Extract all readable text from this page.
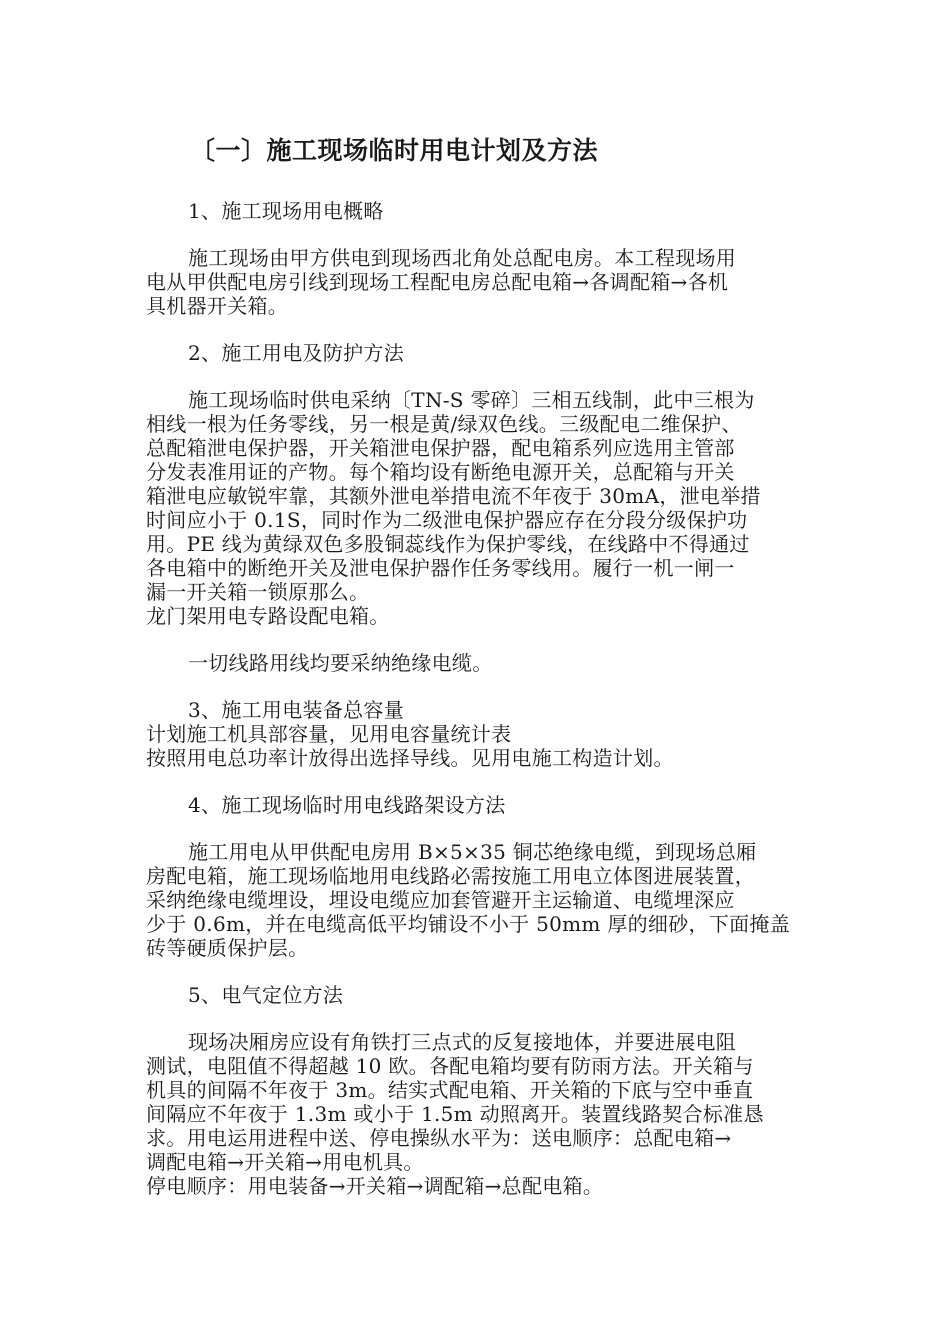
〔一〕施工现场临时用电计划及方法
1、施工现场用电概略
施工现场由甲方供电到现场西北角处总配电房。本工程现场用
电从甲供配电房引线到现场工程配电房总配电箱→各调配箱→各机
具机器开关箱。
2、施工用电及防护方法
施工现场临时供电采纳〔TN-S 零碎〕三相五线制，此中三根为
相线一根为任务零线，另一根是黄/绿双色线。三级配电二维保护、
总配箱泄电保护器，开关箱泄电保护器，配电箱系列应选用主管部
分发表准用证的产物。每个箱均设有断绝电源开关，总配箱与开关
箱泄电应敏锐牢靠，其额外泄电举措电流不年夜于 30mA，泄电举措
时间应小于 0.1S，同时作为二级泄电保护器应存在分段分级保护功
用。PE 线为黄绿双色多股铜蕊线作为保护零线，在线路中不得通过
各电箱中的断绝开关及泄电保护器作任务零线用。履行一机一闸一
漏一开关箱一锁原那么。
龙门架用电专路设配电箱。
一切线路用线均要采纳绝缘电缆。
3、施工用电装备总容量
计划施工机具部容量，见用电容量统计表
按照用电总功率计放得出选择导线。见用电施工构造计划。
4、施工现场临时用电线路架设方法
施工用电从甲供配电房用 B×5×35 铜芯绝缘电缆，到现场总厢
房配电箱，施工现场临地用电线路必需按施工用电立体图进展装置，
采纳绝缘电缆埋设，埋设电缆应加套管避开主运输道、电缆埋深应
少于 0.6m，并在电缆高低平均铺设不小于 50mm 厚的细砂，下面掩盖
砖等硬质保护层。
5、电气定位方法
现场决厢房应设有角铁打三点式的反复接地体，并要进展电阻
测试，电阻值不得超越 10 欧。各配电箱均要有防雨方法。开关箱与
机具的间隔不年夜于 3m。结实式配电箱、开关箱的下底与空中垂直
间隔应不年夜于 1.3m 或小于 1.5m 动照离开。装置线路契合标准恳
求。用电运用进程中送、停电操纵水平为：送电顺序：总配电箱→
调配电箱→开关箱→用电机具。
停电顺序：用电装备→开关箱→调配箱→总配电箱。
